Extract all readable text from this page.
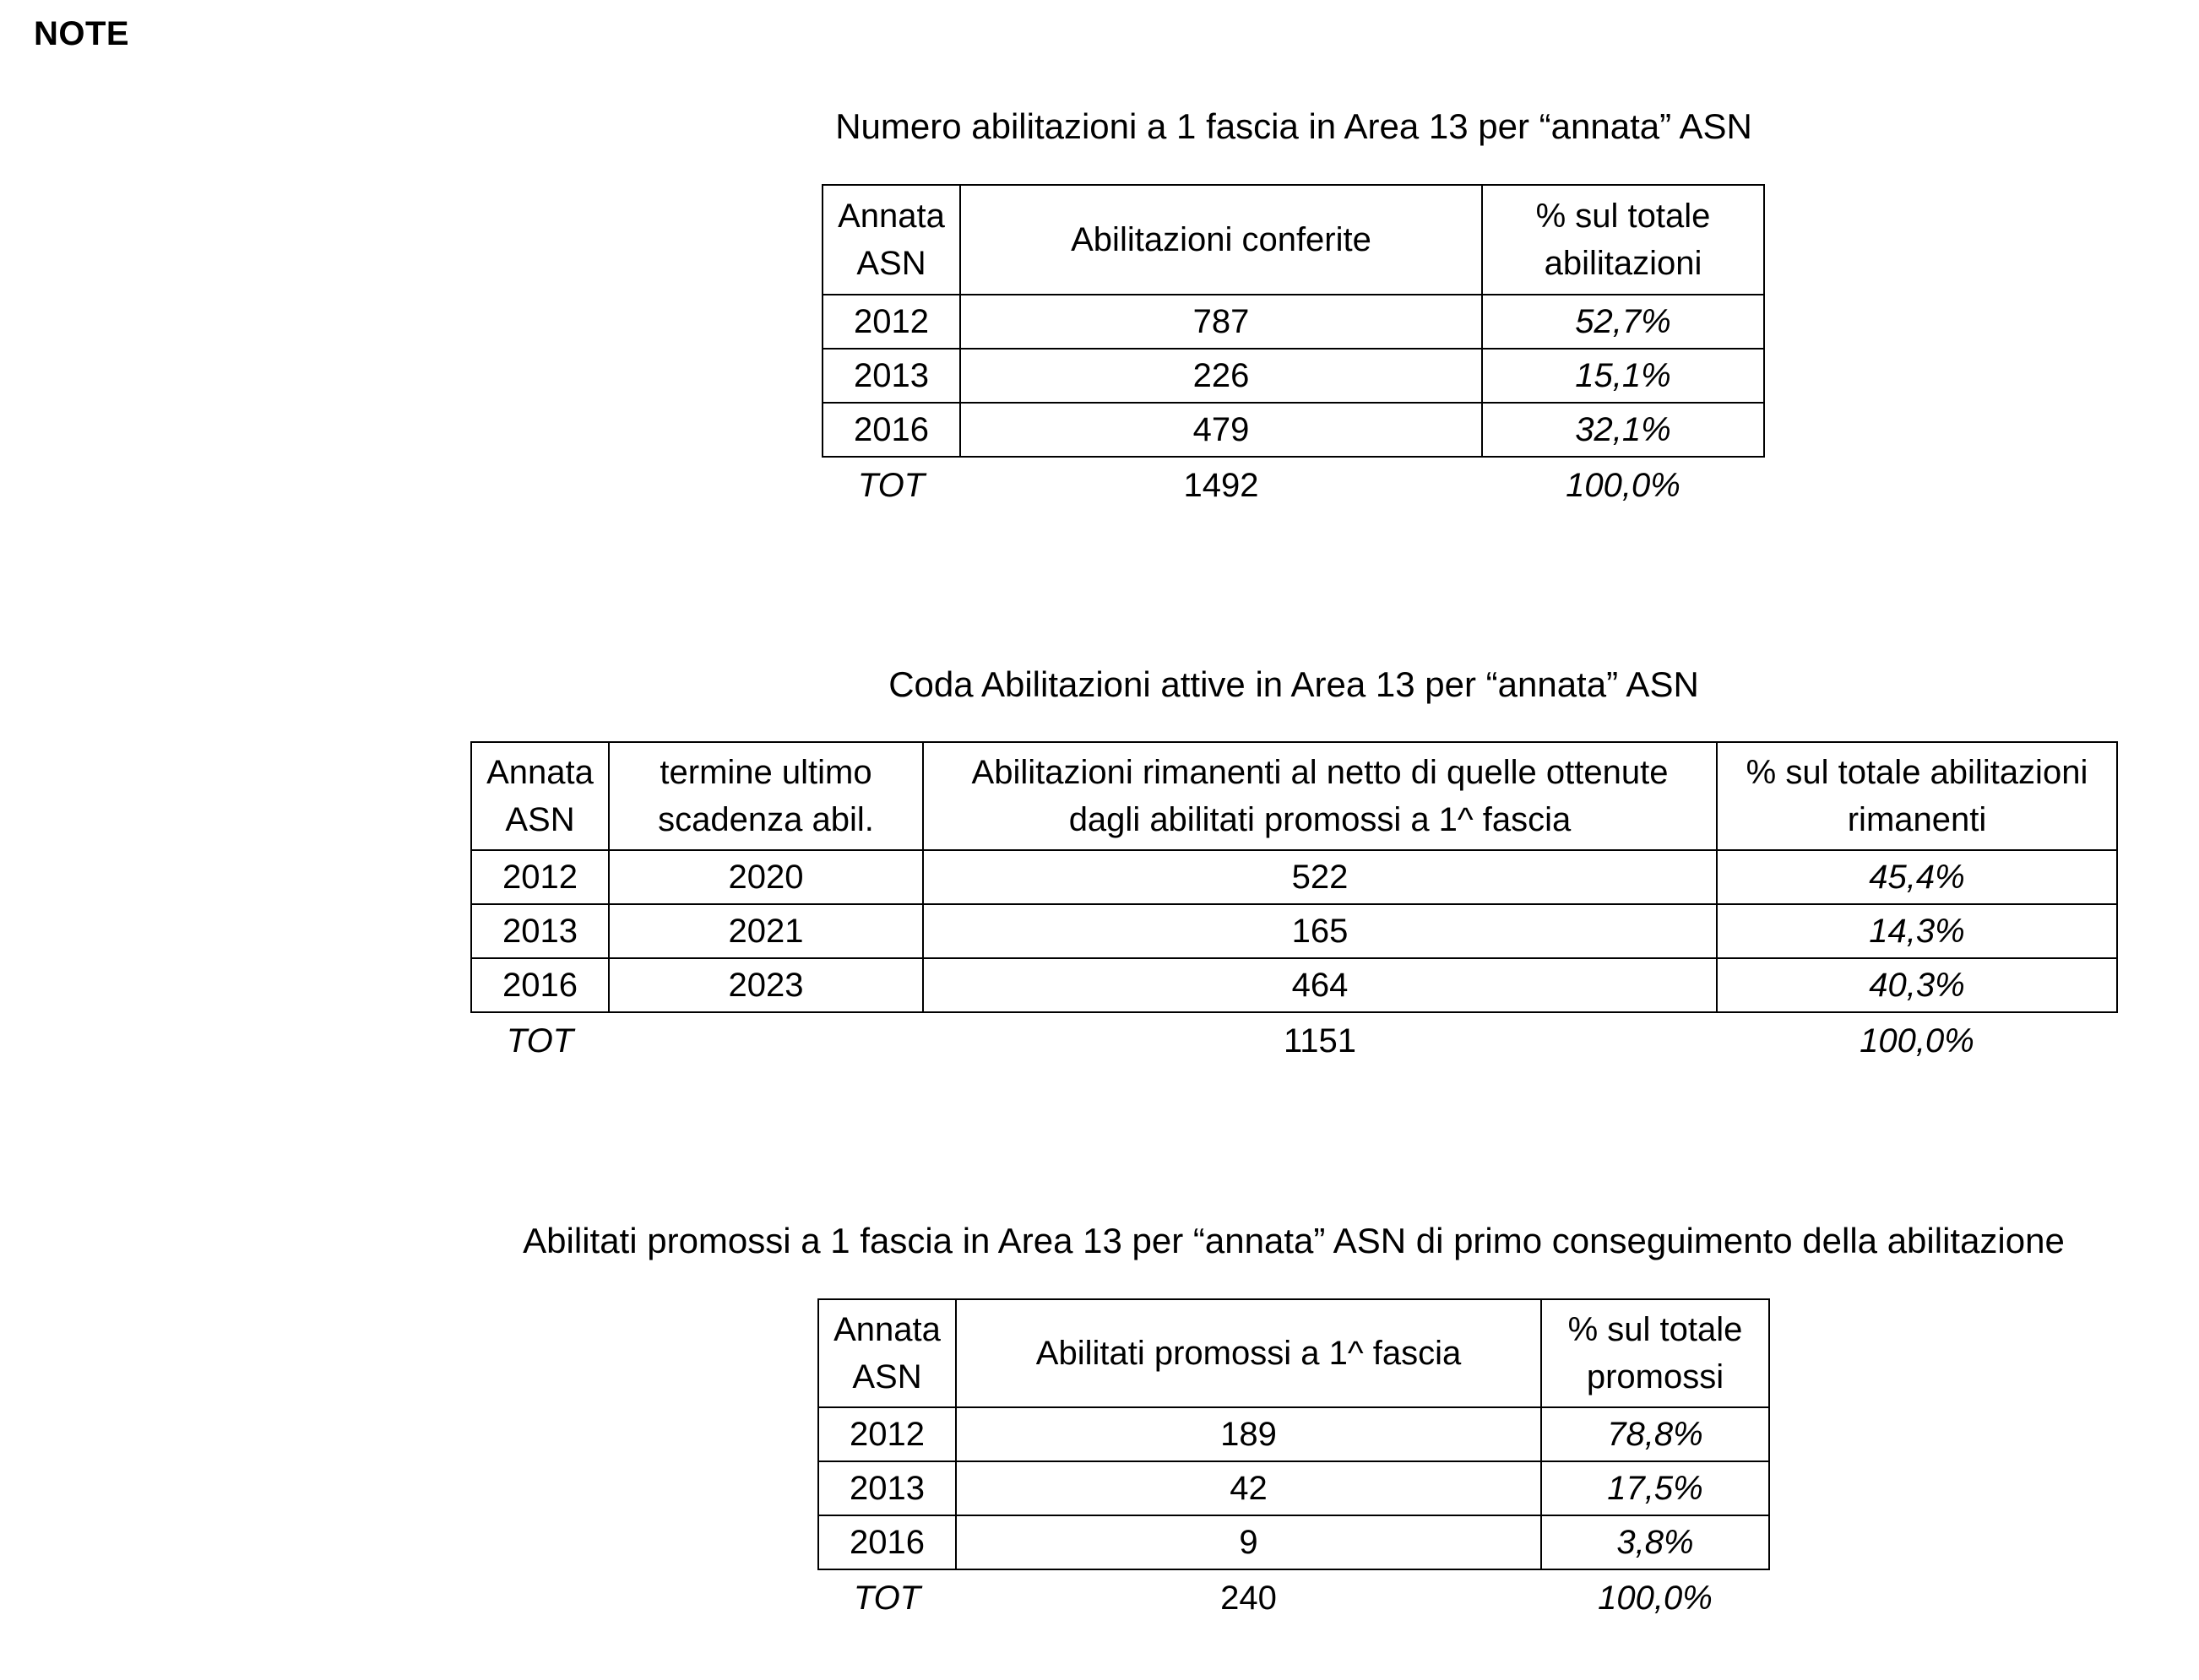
NOTE
Numero abilitazioni a 1 fascia in Area 13 per “annata” ASN
Annata ASN	Abilitazioni conferite	% sul totale abilitazioni
2012	787	52,7%
2013	226	15,1%
2016	479	32,1%
TOT	1492	100,0%
Coda Abilitazioni attive in Area 13 per “annata” ASN
Annata ASN	termine ultimo scadenza abil.	Abilitazioni rimanenti al netto di quelle ottenute dagli abilitati promossi a 1^ fascia	% sul totale abilitazioni rimanenti
2012	2020	522	45,4%
2013	2021	165	14,3%
2016	2023	464	40,3%
TOT		1151	100,0%
Abilitati promossi a 1 fascia in Area 13 per “annata” ASN di primo conseguimento della abilitazione
Annata ASN	Abilitati promossi a 1^ fascia	% sul totale promossi
2012	189	78,8%
2013	42	17,5%
2016	9	3,8%
TOT	240	100,0%
